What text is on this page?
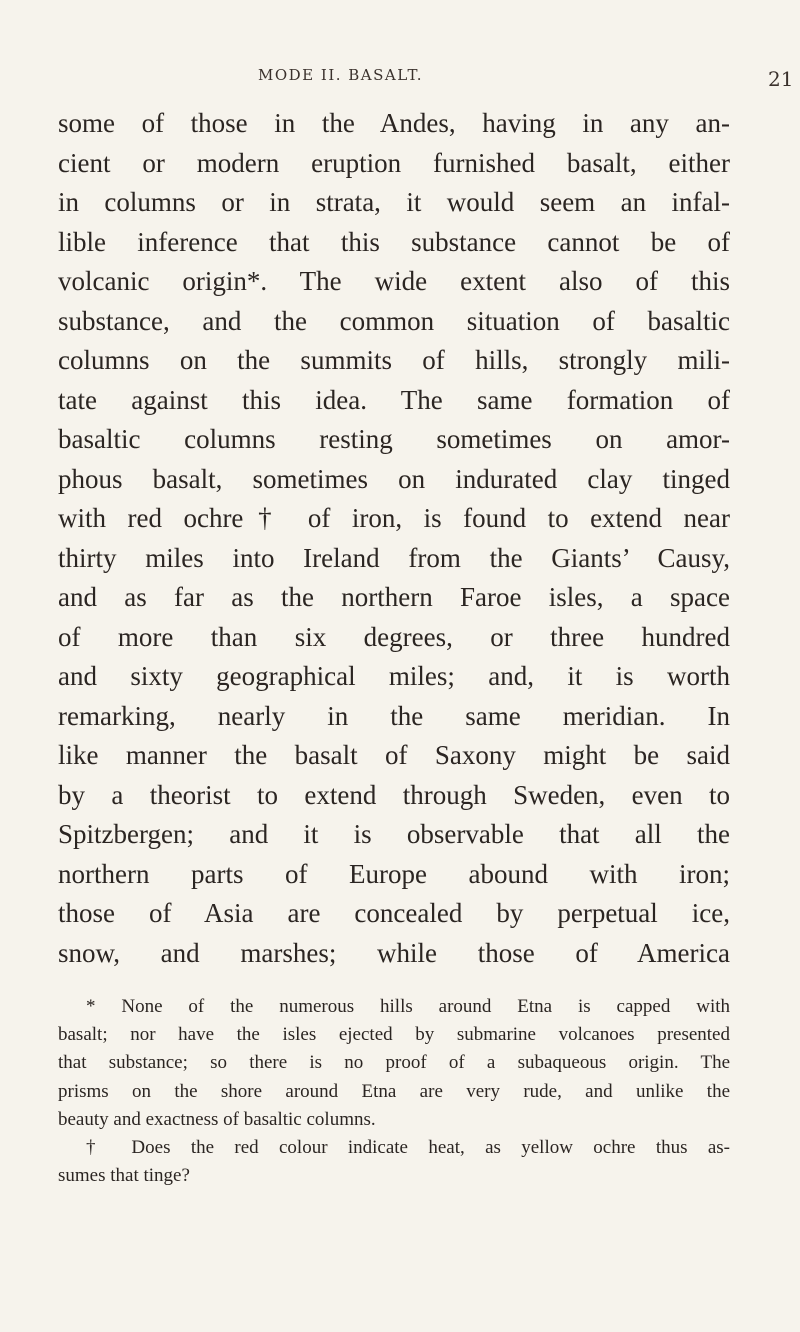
MODE II. BASALT.	21
some of those in the Andes, having in any an-
cient or modern eruption furnished basalt, either
in columns or in strata, it would seem an infal-
lible inference that this substance cannot be of
volcanic origin*. The wide extent also of this
substance, and the common situation of basaltic
columns on the summits of hills, strongly mili-
tate against this idea. The same formation of
basaltic columns resting sometimes on amor-
phous basalt, sometimes on indurated clay tinged
with red ochre† of iron, is found to extend near
thirty miles into Ireland from the Giants’ Causy,
and as far as the northern Faroe isles, a space
of more than six degrees, or three hundred
and sixty geographical miles; and, it is worth
remarking, nearly in the same meridian. In
like manner the basalt of Saxony might be said
by a theorist to extend through Sweden, even to
Spitzbergen; and it is observable that all the
northern parts of Europe abound with iron;
those of Asia are concealed by perpetual ice,
snow, and marshes; while those of America
* None of the numerous hills around Etna is capped with
basalt; nor have the isles ejected by submarine volcanoes presented
that substance; so there is no proof of a subaqueous origin. The
prisms on the shore around Etna are very rude, and unlike the
beauty and exactness of basaltic columns.
† Does the red colour indicate heat, as yellow ochre thus as-
sumes that tinge?
